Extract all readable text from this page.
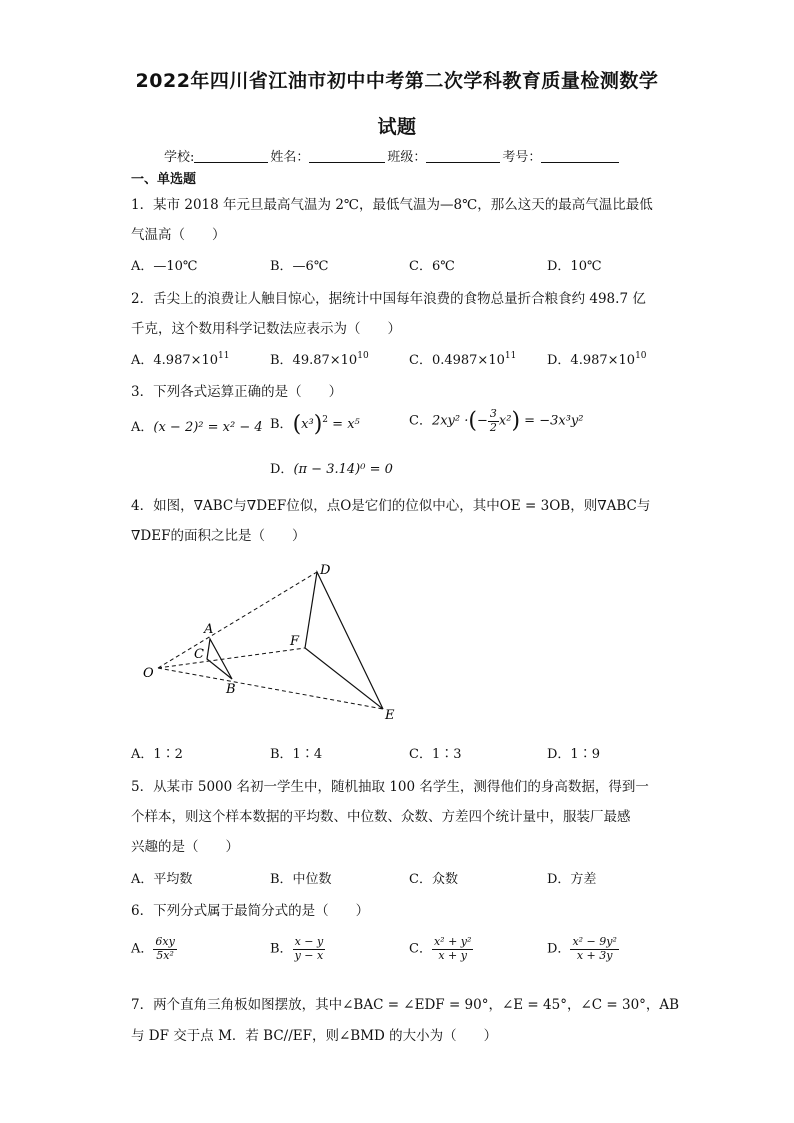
2022年四川省江油市初中中考第二次学科教育质量检测数学
试题
学校:	姓名：	班级：	考号：
一、单选题
1．某市 2018 年元旦最高气温为 2℃，最低气温为—8℃，那么这天的最高气温比最低
气温高（　　）
A．—10℃	B．—6℃	C．6℃	D．10℃
2．舌尖上的浪费让人触目惊心，据统计中国每年浪费的食物总量折合粮食约 498.7 亿
千克，这个数用科学记数法应表示为（　　）
A．$4.987\times 10^{11}$	B．$49.87\times 10^{10}$	C．$0.4987\times 10^{11}$ D．$4.987\times 10^{10}$
3．下列各式运算正确的是（　　）
A．(x − 2)² = x² − 4 B．$(x^3)^2 = x^5$	C．2xy² ·(− $\frac{3}{2} x^2) = -3x^3y^2$
D．(π − 3.14)⁰ = 0
4．如图，∇ABC与∇DEF位似，点O是它们的位似中心，其中OE = 3OB，则∇ABC与
∇DEF的面积之比是（　　）
O
A
C
B
D
F
E
A．1∶2	B．1∶4	C．1∶3	D．1∶9
5．从某市 5000 名初一学生中，随机抽取 100 名学生，测得他们的身高数据，得到一
个样本，则这个样本数据的平均数、中位数、众数、方差四个统计量中，服装厂最感
兴趣的是（　　）
A．平均数	B．中位数	C．众数	D．方差
6．下列分式属于最简分式的是（　　）
A． $\frac{6xy}{\text{5x²}}$	B． $\frac{x - y}{y - x}$	C． $\frac{\text{x² + y²}}{x + y}$	D． $\frac{\text{x² − 9y²}}{x + 3y}$
7．两个直角三角板如图摆放，其中∠BAC = ∠EDF = 90°，∠E = 45°，∠C = 30°，AB
与 DF 交于点 M．若 BC//EF，则∠BMD 的大小为（　　）
